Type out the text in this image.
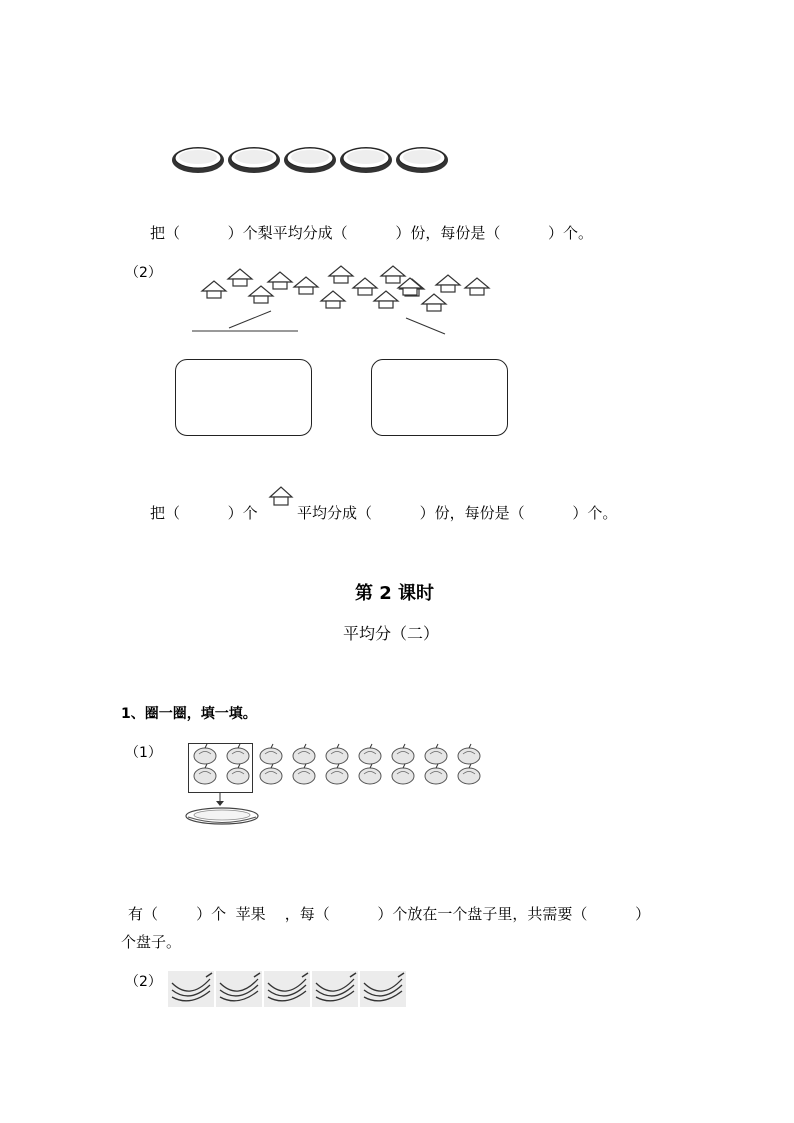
把（          ）个梨平均分成（          ）份，每份是（          ）个。
（2）
把（          ）个	平均分成（          ）份，每份是（          ）个。
第 2 课时
平均分（二）
1、圈一圈，填一填。
（1）
有（        ）个  苹果    ，每（          ）个放在一个盘子里，共需要（          ）
个盘子。
（2）
